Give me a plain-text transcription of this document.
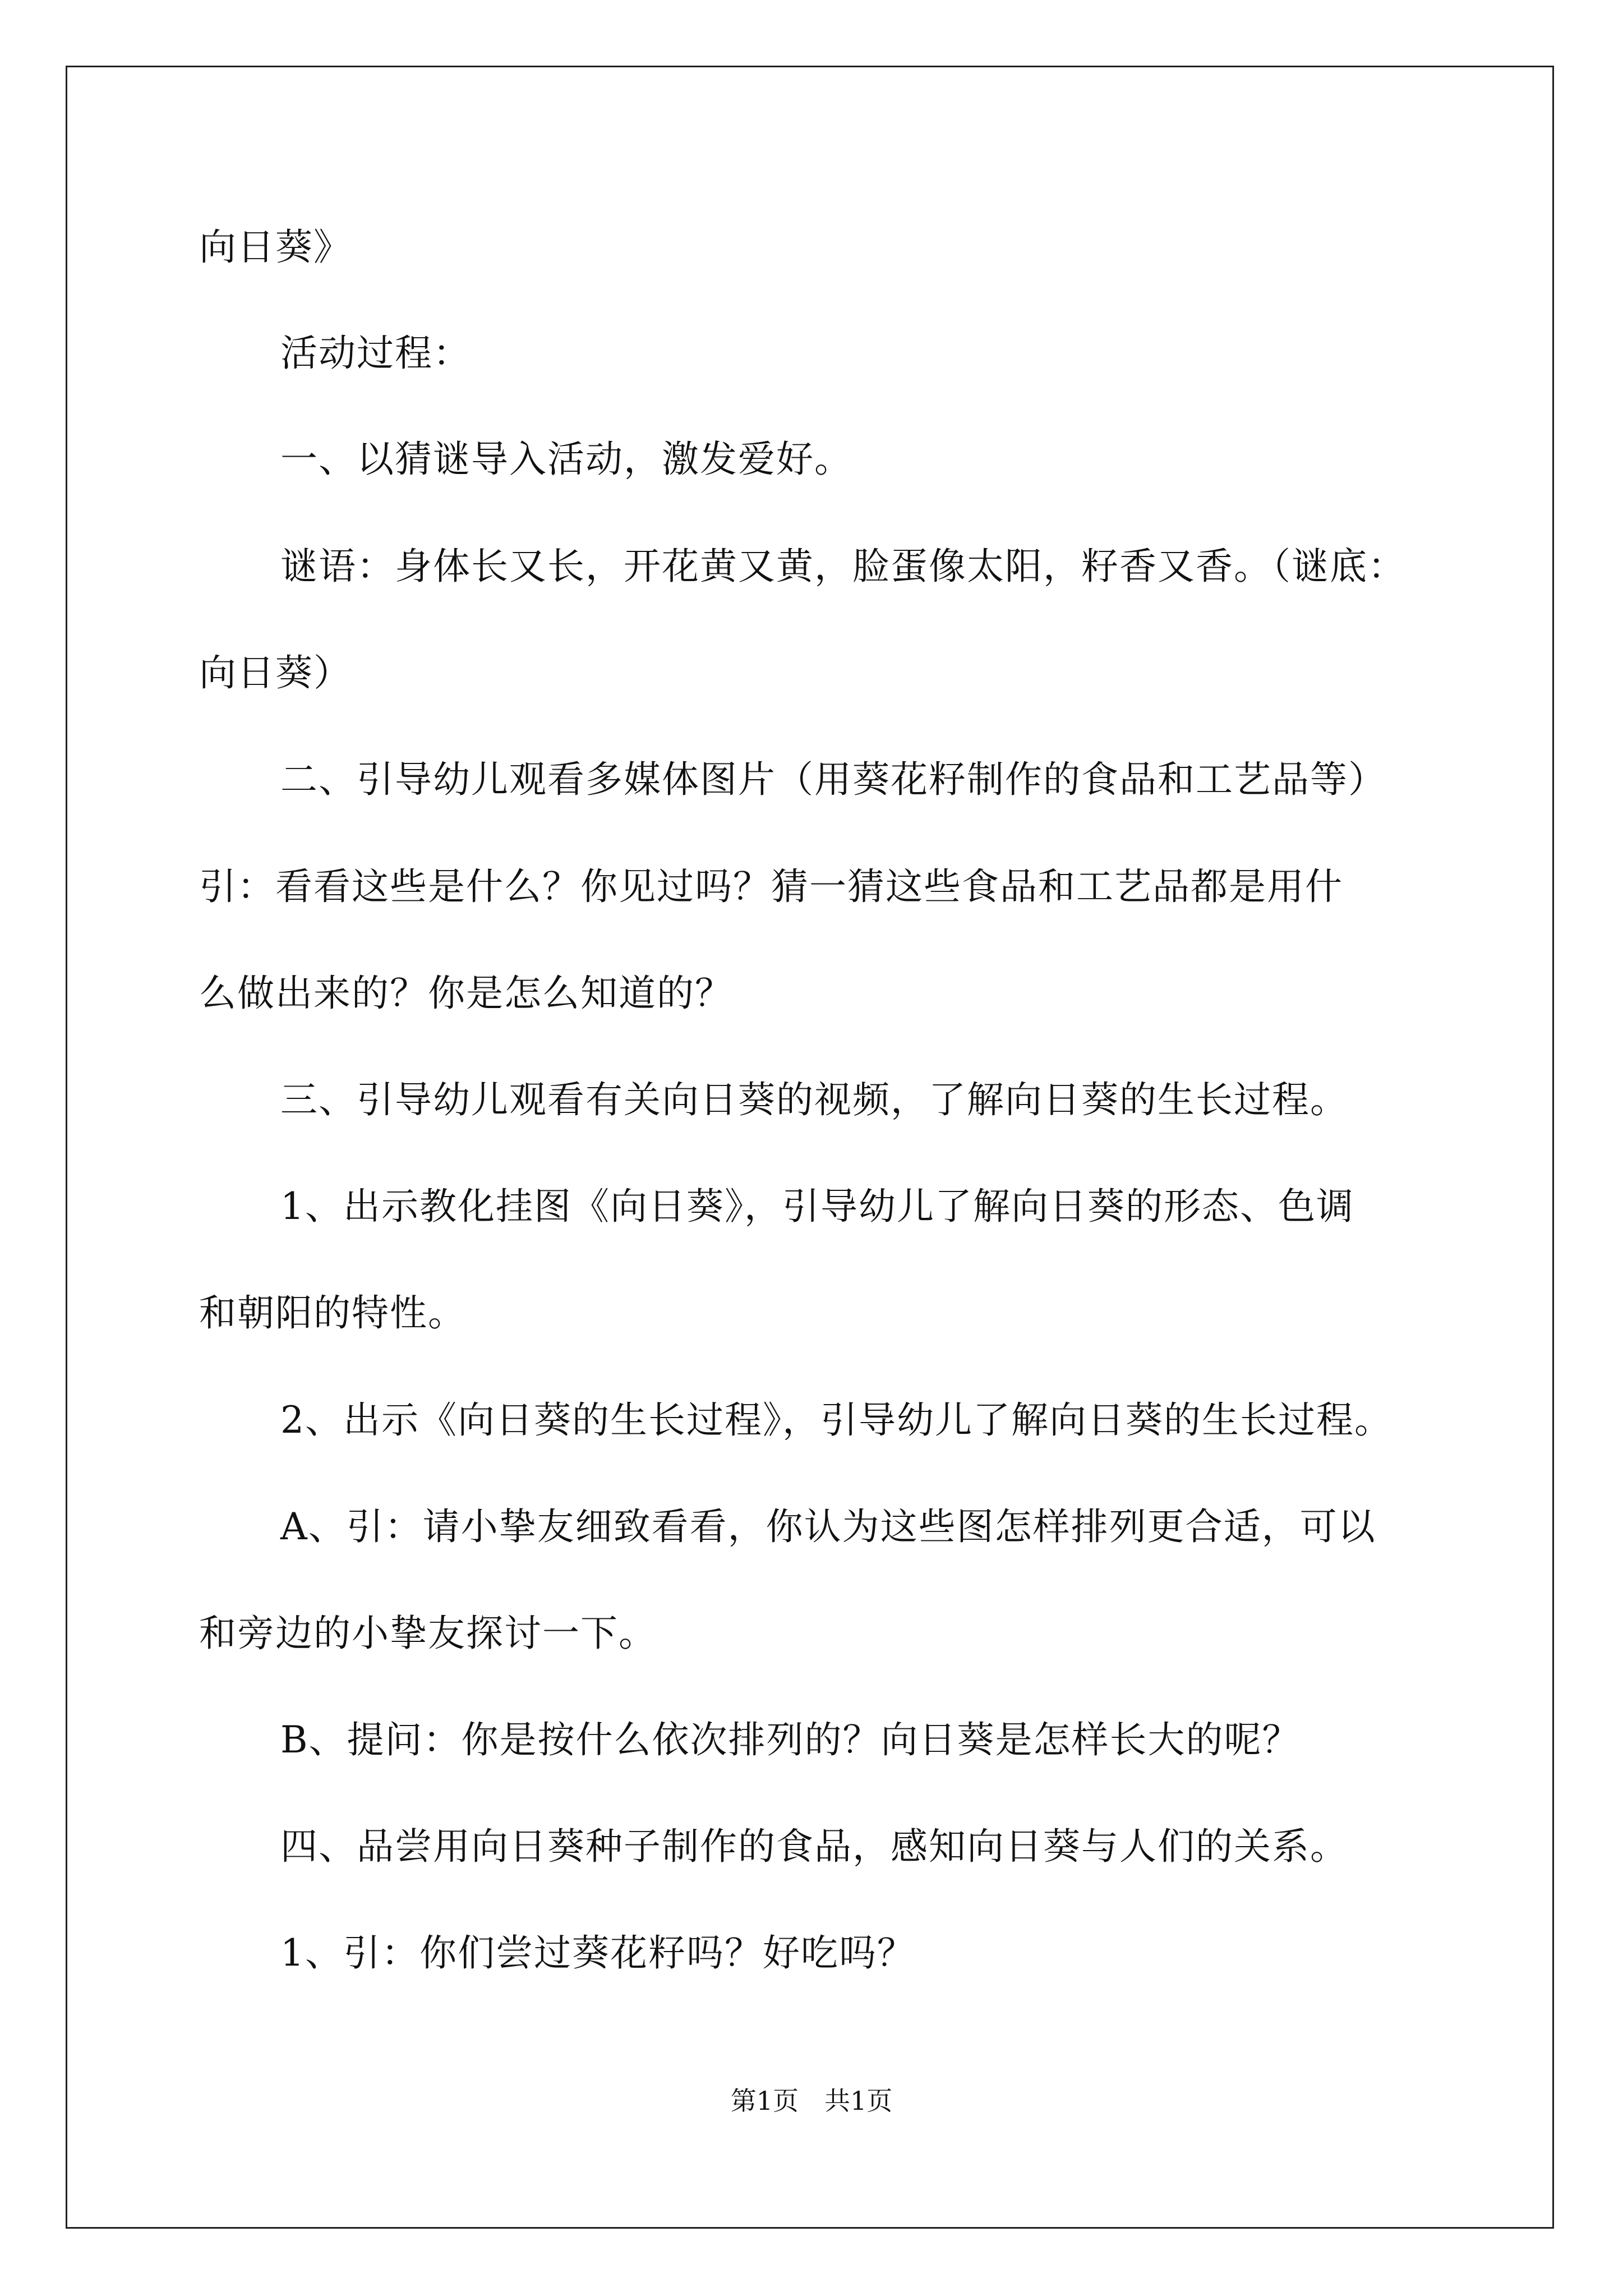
向日葵》
活动过程：
一、以猜谜导入活动，激发爱好。
谜语：身体长又长，开花黄又黄，脸蛋像太阳，籽香又香。（谜底：
向日葵）
二、引导幼儿观看多媒体图片（用葵花籽制作的食品和工艺品等）
引：看看这些是什么？你见过吗？猜一猜这些食品和工艺品都是用什
么做出来的？你是怎么知道的？
三、引导幼儿观看有关向日葵的视频，了解向日葵的生长过程。
1、出示教化挂图《向日葵》，引导幼儿了解向日葵的形态、色调
和朝阳的特性。
2、出示《向日葵的生长过程》，引导幼儿了解向日葵的生长过程。
A、引：请小挚友细致看看，你认为这些图怎样排列更合适，可以
和旁边的小挚友探讨一下。
B、提问：你是按什么依次排列的？向日葵是怎样长大的呢？
四、品尝用向日葵种子制作的食品，感知向日葵与人们的关系。
1、引：你们尝过葵花籽吗？好吃吗？
第1页　共1页
